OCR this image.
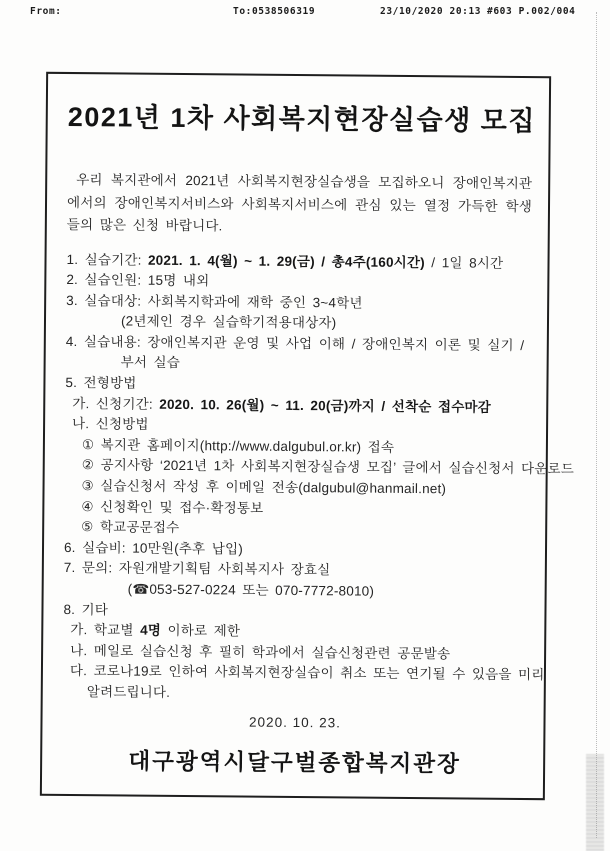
From:	To:0538506319	23/10/2020 20:13 #603 P.002/004
2021년 1차 사회복지현장실습생 모집
우리 복지관에서 2021년 사회복지현장실습생을 모집하오니 장애인복지관에서의 장애인복지서비스와 사회복지서비스에 관심 있는 열정 가득한 학생들의 많은 신청 바랍니다.
1. 실습기간: 2021. 1. 4(월) ~ 1. 29(금) / 총4주(160시간) / 1일 8시간
2. 실습인원: 15명 내외
3. 실습대상: 사회복지학과에 재학 중인 3~4학년
(2년제인 경우 실습학기적용대상자)
4. 실습내용: 장애인복지관 운영 및 사업 이해 / 장애인복지 이론 및 실기 /
부서 실습
5. 전형방법
가. 신청기간: 2020. 10. 26(월) ~ 11. 20(금)까지 / 선착순 접수마감
나. 신청방법
① 복지관 홈페이지(http://www.dalgubul.or.kr) 접속
② 공지사항 ‘2021년 1차 사회복지현장실습생 모집’ 글에서 실습신청서 다운로드
③ 실습신청서 작성 후 이메일 전송(dalgubul@hanmail.net)
④ 신청확인 및 접수·확정통보
⑤ 학교공문접수
6. 실습비: 10만원(추후 납입)
7. 문의: 자원개발기획팀 사회복지사 장효실
(☎053-527-0224 또는 070-7772-8010)
8. 기타
가. 학교별 4명 이하로 제한
나. 메일로 실습신청 후 필히 학과에서 실습신청관련 공문발송
다. 코로나19로 인하여 사회복지현장실습이 취소 또는 연기될 수 있음을 미리
알려드립니다.
2020. 10. 23.
대구광역시달구벌종합복지관장
